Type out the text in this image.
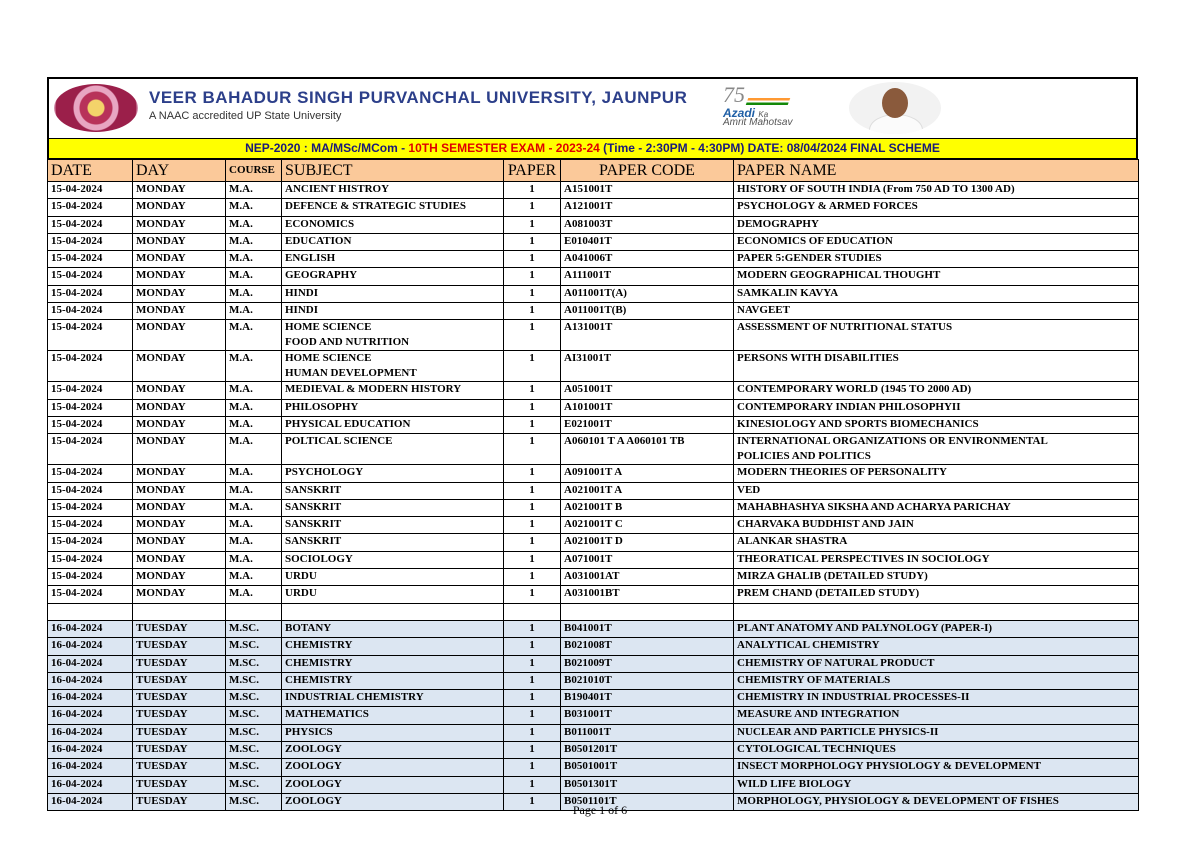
VEER BAHADUR SINGH PURVANCHAL UNIVERSITY, JAUNPUR
A NAAC accredited UP State University
75
Azadi Ka
Amrit Mahotsav
NEP-2020 : MA/MSc/MCom - 10TH SEMESTER EXAM - 2023-24 (Time - 2:30PM - 4:30PM) DATE: 08/04/2024 FINAL SCHEME
DATE	DAY	COURSE	SUBJECT	PAPER	PAPER CODE	PAPER NAME
15-04-2024	MONDAY	M.A.	ANCIENT HISTROY	1	A151001T	HISTORY OF SOUTH INDIA (From 750 AD TO 1300 AD)
15-04-2024	MONDAY	M.A.	DEFENCE & STRATEGIC STUDIES	1	A121001T	PSYCHOLOGY & ARMED FORCES
15-04-2024	MONDAY	M.A.	ECONOMICS	1	A081003T	DEMOGRAPHY
15-04-2024	MONDAY	M.A.	EDUCATION	1	E010401T	ECONOMICS OF EDUCATION
15-04-2024	MONDAY	M.A.	ENGLISH	1	A041006T	PAPER 5:GENDER STUDIES
15-04-2024	MONDAY	M.A.	GEOGRAPHY	1	A111001T	MODERN GEOGRAPHICAL THOUGHT
15-04-2024	MONDAY	M.A.	HINDI	1	A011001T(A)	SAMKALIN KAVYA
15-04-2024	MONDAY	M.A.	HINDI	1	A011001T(B)	NAVGEET
15-04-2024	MONDAY	M.A.	HOME SCIENCE
FOOD AND NUTRITION	1	A131001T	ASSESSMENT OF NUTRITIONAL STATUS
15-04-2024	MONDAY	M.A.	HOME SCIENCE
HUMAN DEVELOPMENT	1	AI31001T	PERSONS WITH DISABILITIES
15-04-2024	MONDAY	M.A.	MEDIEVAL & MODERN HISTORY	1	A051001T	CONTEMPORARY WORLD (1945 TO 2000 AD)
15-04-2024	MONDAY	M.A.	PHILOSOPHY	1	A101001T	CONTEMPORARY INDIAN PHILOSOPHYII
15-04-2024	MONDAY	M.A.	PHYSICAL EDUCATION	1	E021001T	KINESIOLOGY AND SPORTS BIOMECHANICS
15-04-2024	MONDAY	M.A.	POLTICAL SCIENCE	1	A060101 T A A060101 TB	INTERNATIONAL ORGANIZATIONS OR ENVIRONMENTAL
POLICIES AND POLITICS
15-04-2024	MONDAY	M.A.	PSYCHOLOGY	1	A091001T A	MODERN THEORIES OF PERSONALITY
15-04-2024	MONDAY	M.A.	SANSKRIT	1	A021001T A	VED
15-04-2024	MONDAY	M.A.	SANSKRIT	1	A021001T B	MAHABHASHYA SIKSHA AND ACHARYA PARICHAY
15-04-2024	MONDAY	M.A.	SANSKRIT	1	A021001T C	CHARVAKA BUDDHIST AND JAIN
15-04-2024	MONDAY	M.A.	SANSKRIT	1	A021001T D	ALANKAR SHASTRA
15-04-2024	MONDAY	M.A.	SOCIOLOGY	1	A071001T	THEORATICAL PERSPECTIVES IN SOCIOLOGY
15-04-2024	MONDAY	M.A.	URDU	1	A031001AT	MIRZA GHALIB (DETAILED STUDY)
15-04-2024	MONDAY	M.A.	URDU	1	A031001BT	PREM CHAND (DETAILED STUDY)

16-04-2024	TUESDAY	M.SC.	BOTANY	1	B041001T	PLANT ANATOMY AND PALYNOLOGY (PAPER-I)
16-04-2024	TUESDAY	M.SC.	CHEMISTRY	1	B021008T	ANALYTICAL CHEMISTRY
16-04-2024	TUESDAY	M.SC.	CHEMISTRY	1	B021009T	CHEMISTRY OF NATURAL PRODUCT
16-04-2024	TUESDAY	M.SC.	CHEMISTRY	1	B021010T	CHEMISTRY OF MATERIALS
16-04-2024	TUESDAY	M.SC.	INDUSTRIAL CHEMISTRY	1	B190401T	CHEMISTRY IN INDUSTRIAL PROCESSES-II
16-04-2024	TUESDAY	M.SC.	MATHEMATICS	1	B031001T	MEASURE AND INTEGRATION
16-04-2024	TUESDAY	M.SC.	PHYSICS	1	B011001T	NUCLEAR AND PARTICLE PHYSICS-II
16-04-2024	TUESDAY	M.SC.	ZOOLOGY	1	B0501201T	CYTOLOGICAL TECHNIQUES
16-04-2024	TUESDAY	M.SC.	ZOOLOGY	1	B0501001T	INSECT MORPHOLOGY PHYSIOLOGY & DEVELOPMENT
16-04-2024	TUESDAY	M.SC.	ZOOLOGY	1	B0501301T	WILD LIFE BIOLOGY
16-04-2024	TUESDAY	M.SC.	ZOOLOGY	1	B0501101T	MORPHOLOGY, PHYSIOLOGY & DEVELOPMENT OF FISHES
Page 1 of 6
